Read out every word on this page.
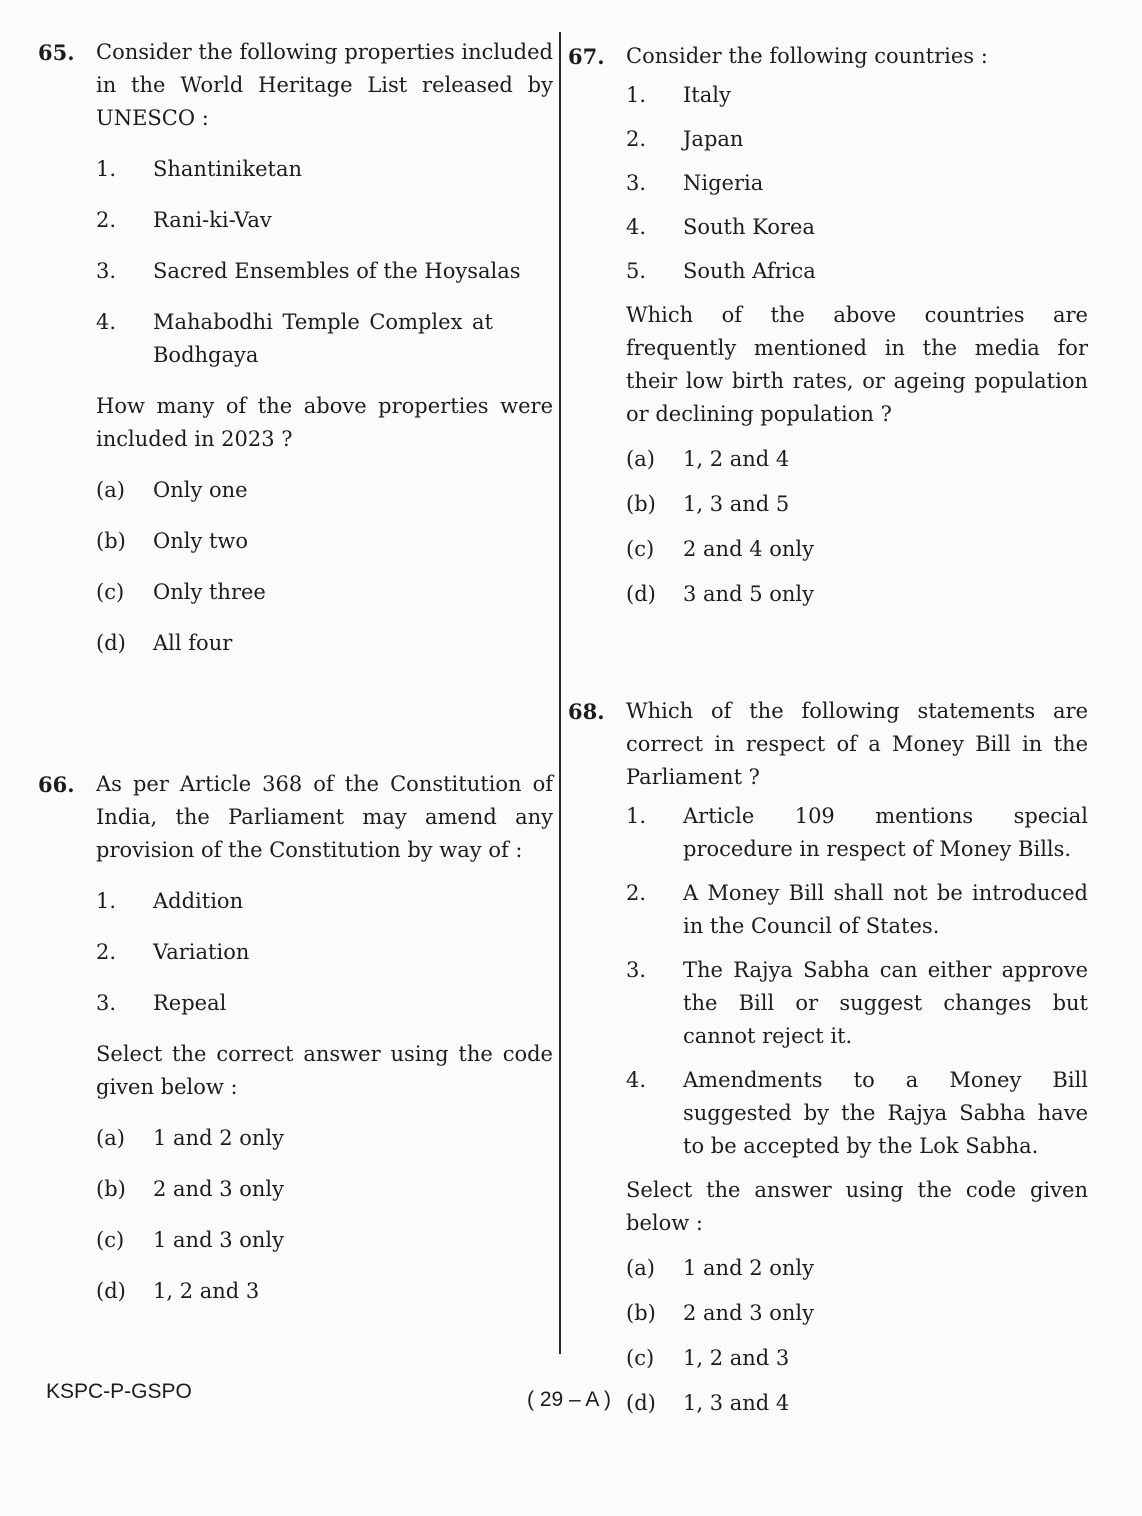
65. Consider the following properties included in the World Heritage List released by UNESCO :
1. Shantiniketan
2. Rani-ki-Vav
3. Sacred Ensembles of the Hoysalas
4. Mahabodhi Temple Complex at Bodhgaya
How many of the above properties were included in 2023 ?
(a) Only one
(b) Only two
(c) Only three
(d) All four
66. As per Article 368 of the Constitution of India, the Parliament may amend any provision of the Constitution by way of :
1. Addition
2. Variation
3. Repeal
Select the correct answer using the code given below :
(a) 1 and 2 only
(b) 2 and 3 only
(c) 1 and 3 only
(d) 1, 2 and 3
67. Consider the following countries :
1. Italy
2. Japan
3. Nigeria
4. South Korea
5. South Africa
Which of the above countries are frequently mentioned in the media for their low birth rates, or ageing population or declining population ?
(a) 1, 2 and 4
(b) 1, 3 and 5
(c) 2 and 4 only
(d) 3 and 5 only
68. Which of the following statements are correct in respect of a Money Bill in the Parliament ?
1. Article 109 mentions special procedure in respect of Money Bills.
2. A Money Bill shall not be introduced in the Council of States.
3. The Rajya Sabha can either approve the Bill or suggest changes but cannot reject it.
4. Amendments to a Money Bill suggested by the Rajya Sabha have to be accepted by the Lok Sabha.
Select the answer using the code given below :
(a) 1 and 2 only
(b) 2 and 3 only
(c) 1, 2 and 3
(d) 1, 3 and 4
KSPC-P-GSPO	( 29 – A )
